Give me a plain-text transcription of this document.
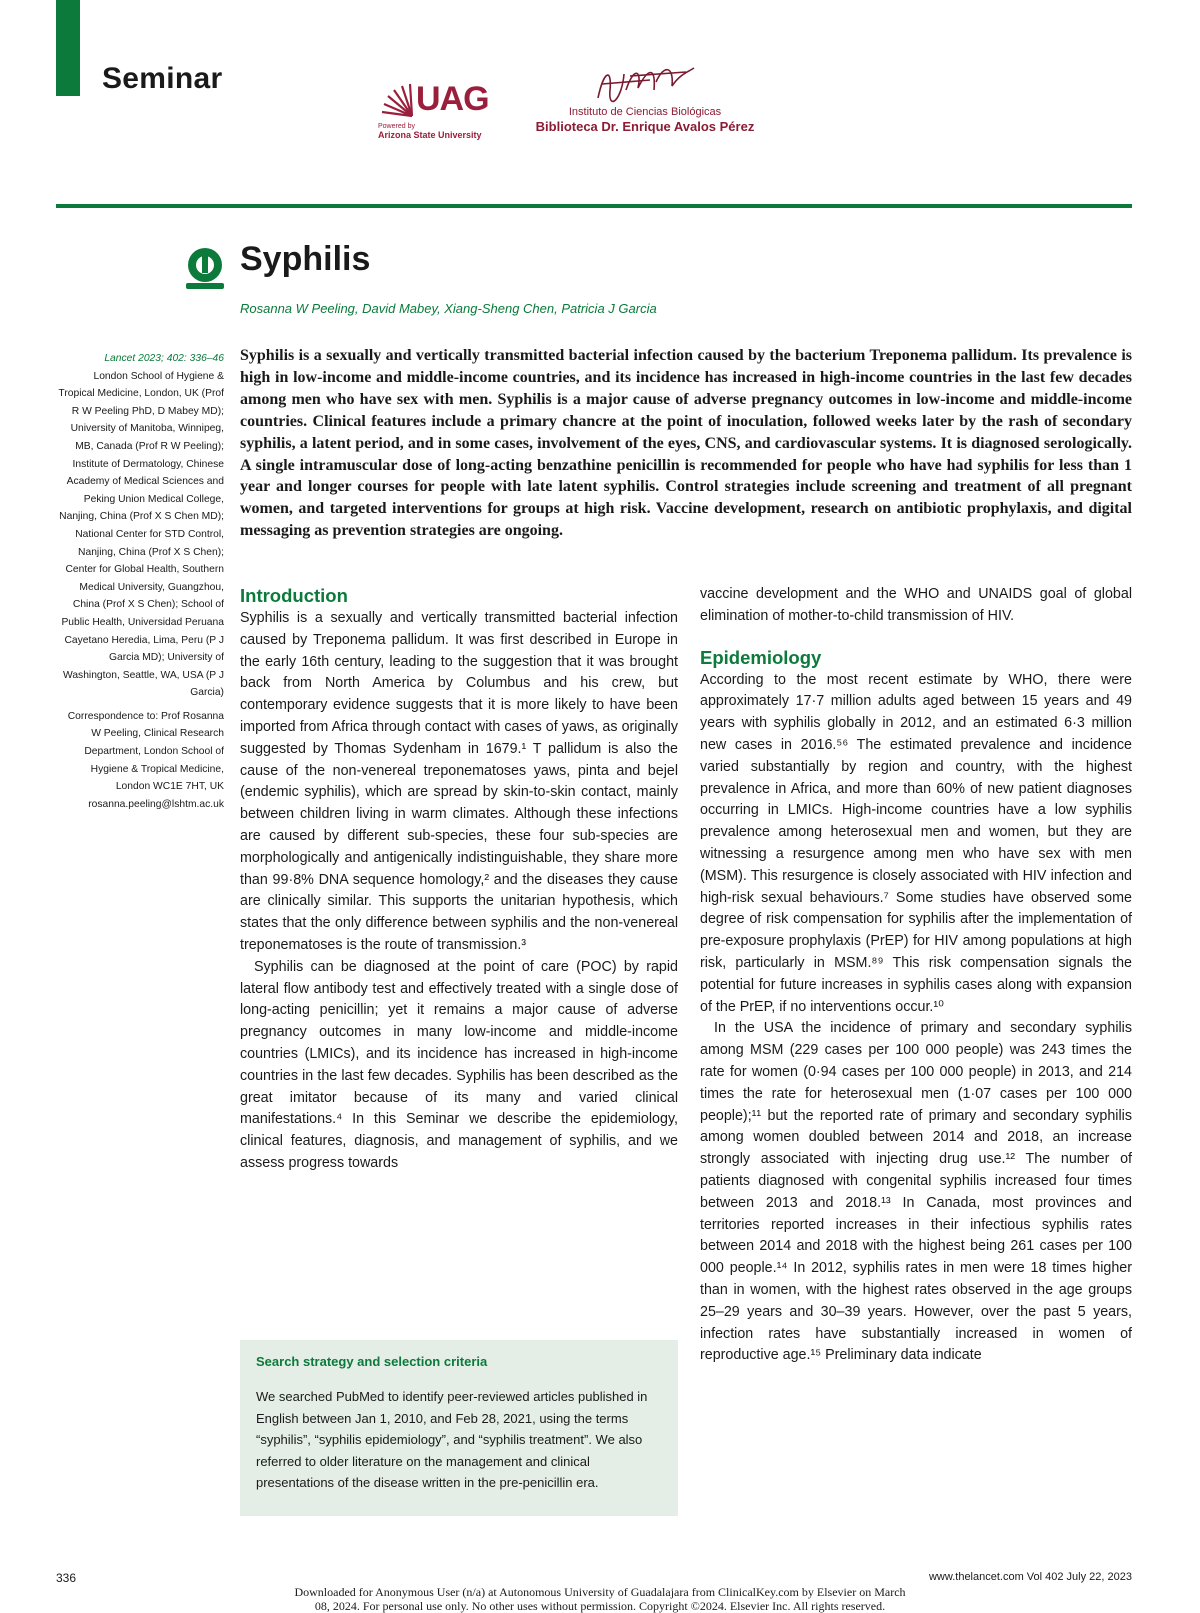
Seminar
UAG
Powered by
Arizona State University
Instituto de Ciencias Biológicas
Biblioteca Dr. Enrique Avalos Pérez
Syphilis
Rosanna W Peeling, David Mabey, Xiang-Sheng Chen, Patricia J Garcia
Lancet 2023; 402: 336–46
London School of Hygiene & Tropical Medicine, London, UK (Prof R W Peeling PhD, D Mabey MD); University of Manitoba, Winnipeg, MB, Canada (Prof R W Peeling); Institute of Dermatology, Chinese Academy of Medical Sciences and Peking Union Medical College, Nanjing, China (Prof X S Chen MD); National Center for STD Control, Nanjing, China (Prof X S Chen); Center for Global Health, Southern Medical University, Guangzhou, China (Prof X S Chen); School of Public Health, Universidad Peruana Cayetano Heredia, Lima, Peru (P J Garcia MD); University of Washington, Seattle, WA, USA (P J Garcia)
Correspondence to: Prof Rosanna W Peeling, Clinical Research Department, London School of Hygiene & Tropical Medicine, London WC1E 7HT, UK rosanna.peeling@lshtm.ac.uk
Syphilis is a sexually and vertically transmitted bacterial infection caused by the bacterium Treponema pallidum. Its prevalence is high in low-income and middle-income countries, and its incidence has increased in high-income countries in the last few decades among men who have sex with men. Syphilis is a major cause of adverse pregnancy outcomes in low-income and middle-income countries. Clinical features include a primary chancre at the point of inoculation, followed weeks later by the rash of secondary syphilis, a latent period, and in some cases, involvement of the eyes, CNS, and cardiovascular systems. It is diagnosed serologically. A single intramuscular dose of long-acting benzathine penicillin is recommended for people who have had syphilis for less than 1 year and longer courses for people with late latent syphilis. Control strategies include screening and treatment of all pregnant women, and targeted interventions for groups at high risk. Vaccine development, research on antibiotic prophylaxis, and digital messaging as prevention strategies are ongoing.
Introduction

Syphilis is a sexually and vertically transmitted bacterial infection caused by Treponema pallidum. It was first described in Europe in the early 16th century, leading to the suggestion that it was brought back from North America by Columbus and his crew, but contemporary evidence suggests that it is more likely to have been imported from Africa through contact with cases of yaws, as originally suggested by Thomas Sydenham in 1679.¹ T pallidum is also the cause of the non-venereal treponematoses yaws, pinta and bejel (endemic syphilis), which are spread by skin-to-skin contact, mainly between children living in warm climates. Although these infections are caused by different sub-species, these four sub-species are morphologically and antigenically indistinguishable, they share more than 99·8% DNA sequence homology,² and the diseases they cause are clinically similar. This supports the unitarian hypothesis, which states that the only difference between syphilis and the non-venereal treponematoses is the route of transmission.³

Syphilis can be diagnosed at the point of care (POC) by rapid lateral flow antibody test and effectively treated with a single dose of long-acting penicillin; yet it remains a major cause of adverse pregnancy outcomes in many low-income and middle-income countries (LMICs), and its incidence has increased in high-income countries in the last few decades. Syphilis has been described as the great imitator because of its many and varied clinical manifestations.⁴ In this Seminar we describe the epidemiology, clinical features, diagnosis, and management of syphilis, and we assess progress towards

Search strategy and selection criteria
We searched PubMed to identify peer-reviewed articles published in English between Jan 1, 2010, and Feb 28, 2021, using the terms “syphilis”, “syphilis epidemiology”, and “syphilis treatment”. We also referred to older literature on the management and clinical presentations of the disease written in the pre-penicillin era.

vaccine development and the WHO and UNAIDS goal of global elimination of mother-to-child transmission of HIV.

Epidemiology

According to the most recent estimate by WHO, there were approximately 17·7 million adults aged between 15 years and 49 years with syphilis globally in 2012, and an estimated 6·3 million new cases in 2016.⁵⁶ The estimated prevalence and incidence varied substantially by region and country, with the highest prevalence in Africa, and more than 60% of new patient diagnoses occurring in LMICs. High-income countries have a low syphilis prevalence among heterosexual men and women, but they are witnessing a resurgence among men who have sex with men (MSM). This resurgence is closely associated with HIV infection and high-risk sexual behaviours.⁷ Some studies have observed some degree of risk compensation for syphilis after the implementation of pre-exposure prophylaxis (PrEP) for HIV among populations at high risk, particularly in MSM.⁸⁹ This risk compensation signals the potential for future increases in syphilis cases along with expansion of the PrEP, if no interventions occur.¹⁰

In the USA the incidence of primary and secondary syphilis among MSM (229 cases per 100 000 people) was 243 times the rate for women (0·94 cases per 100 000 people) in 2013, and 214 times the rate for heterosexual men (1·07 cases per 100 000 people);¹¹ but the reported rate of primary and secondary syphilis among women doubled between 2014 and 2018, an increase strongly associated with injecting drug use.¹² The number of patients diagnosed with congenital syphilis increased four times between 2013 and 2018.¹³ In Canada, most provinces and territories reported increases in their infectious syphilis rates between 2014 and 2018 with the highest being 261 cases per 100 000 people.¹⁴ In 2012, syphilis rates in men were 18 times higher than in women, with the highest rates observed in the age groups 25–29 years and 30–39 years. However, over the past 5 years, infection rates have substantially increased in women of reproductive age.¹⁵ Preliminary data indicate

336	www.thelancet.com Vol 402 July 22, 2023
Downloaded for Anonymous User (n/a) at Autonomous University of Guadalajara from ClinicalKey.com by Elsevier on March
08, 2024. For personal use only. No other uses without permission. Copyright ©2024. Elsevier Inc. All rights reserved.
